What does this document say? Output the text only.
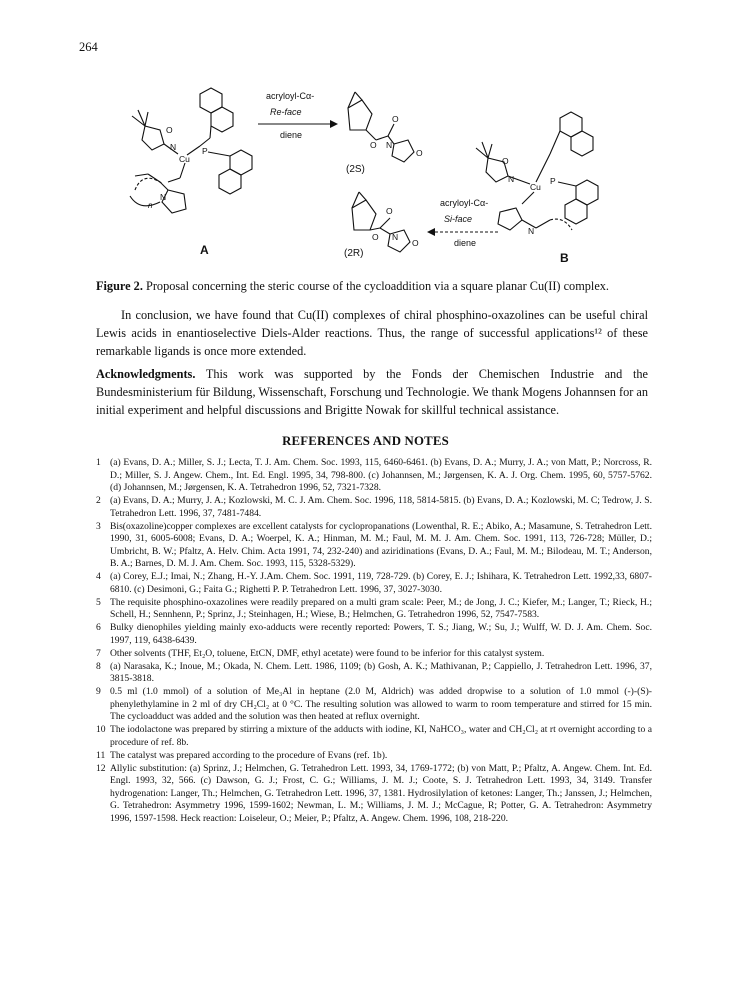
264
N
O
P
Cu
N
n
A
acryloyl-Cα-
Re-face
diene
O
O N
O
(2S)
O
O N
O
(2R)
acryloyl-Cα-
Si-face
diene
N
O
P
Cu
N
B
Figure 2. Proposal concerning the steric course of the cycloaddition via a square planar Cu(II) complex.
In conclusion, we have found that Cu(II) complexes of chiral phosphino-oxazolines can be useful chiral Lewis acids in enantioselective Diels-Alder reactions. Thus, the range of successful applications¹² of these remarkable ligands is once more extended.
Acknowledgments. This work was supported by the Fonds der Chemischen Industrie and the Bundesministerium für Bildung, Wissenschaft, Forschung und Technologie. We thank Mogens Johannsen for an initial experiment and helpful discussions and Brigitte Nowak for skillful technical assistance.
REFERENCES AND NOTES
1 (a) Evans, D. A.; Miller, S. J.; Lecta, T. J. Am. Chem. Soc. 1993, 115, 6460-6461. (b) Evans, D. A.; Murry, J. A.; von Matt, P.; Norcross, R. D.; Miller, S. J. Angew. Chem., Int. Ed. Engl. 1995, 34, 798-800. (c) Johannsen, M.; Jørgensen, K. A. J. Org. Chem. 1995, 60, 5757-5762. (d) Johannsen, M.; Jørgensen, K. A. Tetrahedron 1996, 52, 7321-7328.
2 (a) Evans, D. A.; Murry, J. A.; Kozlowski, M. C. J. Am. Chem. Soc. 1996, 118, 5814-5815. (b) Evans, D. A.; Kozlowski, M. C; Tedrow, J. S. Tetrahedron Lett. 1996, 37, 7481-7484.
3 Bis(oxazoline)copper complexes are excellent catalysts for cyclopropanations (Lowenthal, R. E.; Abiko, A.; Masamune, S. Tetrahedron Lett. 1990, 31, 6005-6008; Evans, D. A.; Woerpel, K. A.; Hinman, M. M.; Faul, M. M. J. Am. Chem. Soc. 1991, 113, 726-728; Müller, D.; Umbricht, B. W.; Pfaltz, A. Helv. Chim. Acta 1991, 74, 232-240) and aziridinations (Evans, D. A.; Faul, M. M.; Bilodeau, M. T.; Anderson, B. A.; Barnes, D. M. J. Am. Chem. Soc. 1993, 115, 5328-5329).
4 (a) Corey, E.J.; Imai, N.; Zhang, H.-Y. J.Am. Chem. Soc. 1991, 119, 728-729. (b) Corey, E. J.; Ishihara, K. Tetrahedron Lett. 1992,33, 6807-6810. (c) Desimoni, G.; Faita G.; Righetti P. P. Tetrahedron Lett. 1996, 37, 3027-3030.
5 The requisite phosphino-oxazolines were readily prepared on a multi gram scale: Peer, M.; de Jong, J. C.; Kiefer, M.; Langer, T.; Rieck, H.; Schell, H.; Sennhenn, P.; Sprinz, J.; Steinhagen, H.; Wiese, B.; Helmchen, G. Tetrahedron 1996, 52, 7547-7583.
6 Bulky dienophiles yielding mainly exo-adducts were recently reported: Powers, T. S.; Jiang, W.; Su, J.; Wulff, W. D. J. Am. Chem. Soc. 1997, 119, 6438-6439.
7 Other solvents (THF, Et₂O, toluene, EtCN, DMF, ethyl acetate) were found to be inferior for this catalyst system.
8 (a) Narasaka, K.; Inoue, M.; Okada, N. Chem. Lett. 1986, 1109; (b) Gosh, A. K.; Mathivanan, P.; Cappiello, J. Tetrahedron Lett. 1996, 37, 3815-3818.
9 0.5 ml (1.0 mmol) of a solution of Me₃Al in heptane (2.0 M, Aldrich) was added dropwise to a solution of 1.0 mmol (-)-(S)-phenylethylamine in 2 ml of dry CH₂Cl₂ at 0 °C. The resulting solution was allowed to warm to room temperature and stirred for 15 min. The cycloadduct was added and the solution was then heated at reflux overnight.
10 The iodolactone was prepared by stirring a mixture of the adducts with iodine, KI, NaHCO₃, water and CH₂Cl₂ at rt overnight according to a procedure of ref. 8b.
11 The catalyst was prepared according to the procedure of Evans (ref. 1b).
12 Allylic substitution: (a) Sprinz, J.; Helmchen, G. Tetrahedron Lett. 1993, 34, 1769-1772; (b) von Matt, P.; Pfaltz, A. Angew. Chem. Int. Ed. Engl. 1993, 32, 566. (c) Dawson, G. J.; Frost, C. G.; Williams, J. M. J.; Coote, S. J. Tetrahedron Lett. 1993, 34, 3149. Transfer hydrogenation: Langer, Th.; Helmchen, G. Tetrahedron Lett. 1996, 37, 1381. Hydrosilylation of ketones: Langer, Th.; Janssen, J.; Helmchen, G. Tetrahedron: Asymmetry 1996, 1599-1602; Newman, L. M.; Williams, J. M. J.; McCague, R; Potter, G. A. Tetrahedron: Asymmetry 1996, 1597-1598. Heck reaction: Loiseleur, O.; Meier, P.; Pfaltz, A. Angew. Chem. 1996, 108, 218-220.
